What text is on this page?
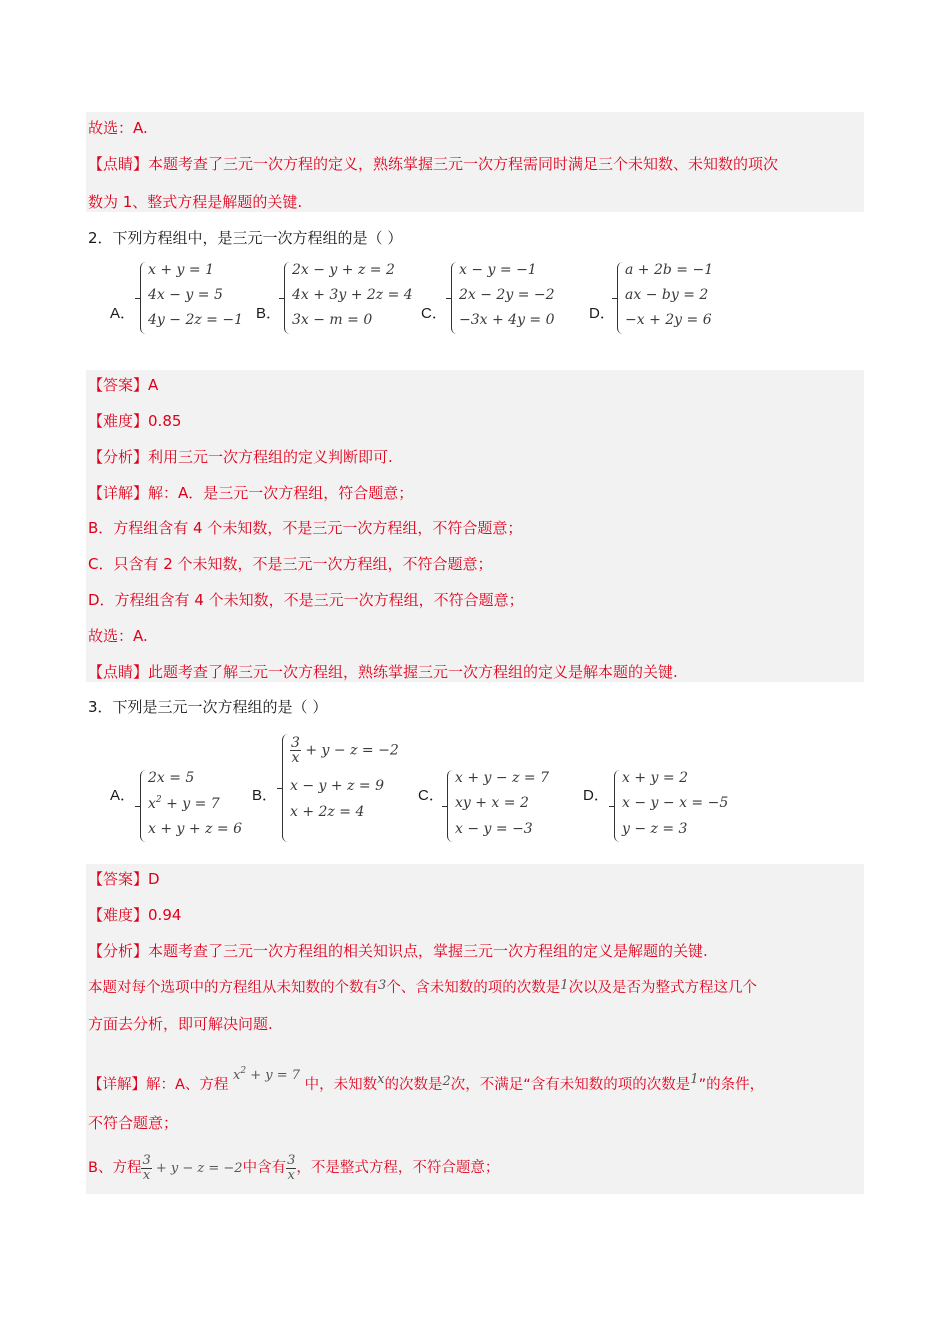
故选：A.
【点睛】本题考查了三元一次方程的定义，熟练掌握三元一次方程需同时满足三个未知数、未知数的项次
数为 1、整式方程是解题的关键.
2．下列方程组中，是三元一次方程组的是（ ）
A．
x + y = 1
4x − y = 5
4y − 2z = −1 B．
2x − y + z = 2
4x + 3y + 2z = 4
3x − m = 0	C．
x − y = −1
2x − 2y = −2
−3x + 4y = 0 D．
a + 2b = −1
ax − by = 2
−x + 2y = 6
【答案】A
【难度】0.85
【分析】利用三元一次方程组的定义判断即可.
【详解】解：A．是三元一次方程组，符合题意；
B．方程组含有 4 个未知数，不是三元一次方程组，不符合题意；
C．只含有 2 个未知数，不是三元一次方程组，不符合题意；
D．方程组含有 4 个未知数，不是三元一次方程组，不符合题意；
故选：A.
【点睛】此题考查了解三元一次方程组，熟练掌握三元一次方程组的定义是解本题的关键.
3．下列是三元一次方程组的是（ ）
A．
2x = 5
$x^2 + y = 7$
x + y + z = 6
B．
$\frac{3}{x} + y - z = -2$
x − y + z = 9
x + 2z = 4
C．
x + y − z = 7
xy + x = 2
x − y = −3
D．
x + y = 2
x − y − x = −5
y − z = 3
【答案】D
【难度】0.94
【分析】本题考查了三元一次方程组的相关知识点，掌握三元一次方程组的定义是解题的关键.
本题对每个选项中的方程组从未知数的个数有3个、含未知数的项的次数是1次以及是否为整式方程这几个
方面去分析，即可解决问题.
【详解】解：A、方程 $x^2 + y = 7$ 中，未知数x的次数是2次，不满足“含有未知数的项的次数是1”的条件，
不符合题意；
B、方程 $\frac{3}{x} + y - z = -2$中含有 $\frac{3}{x}$ ，不是整式方程，不符合题意；
